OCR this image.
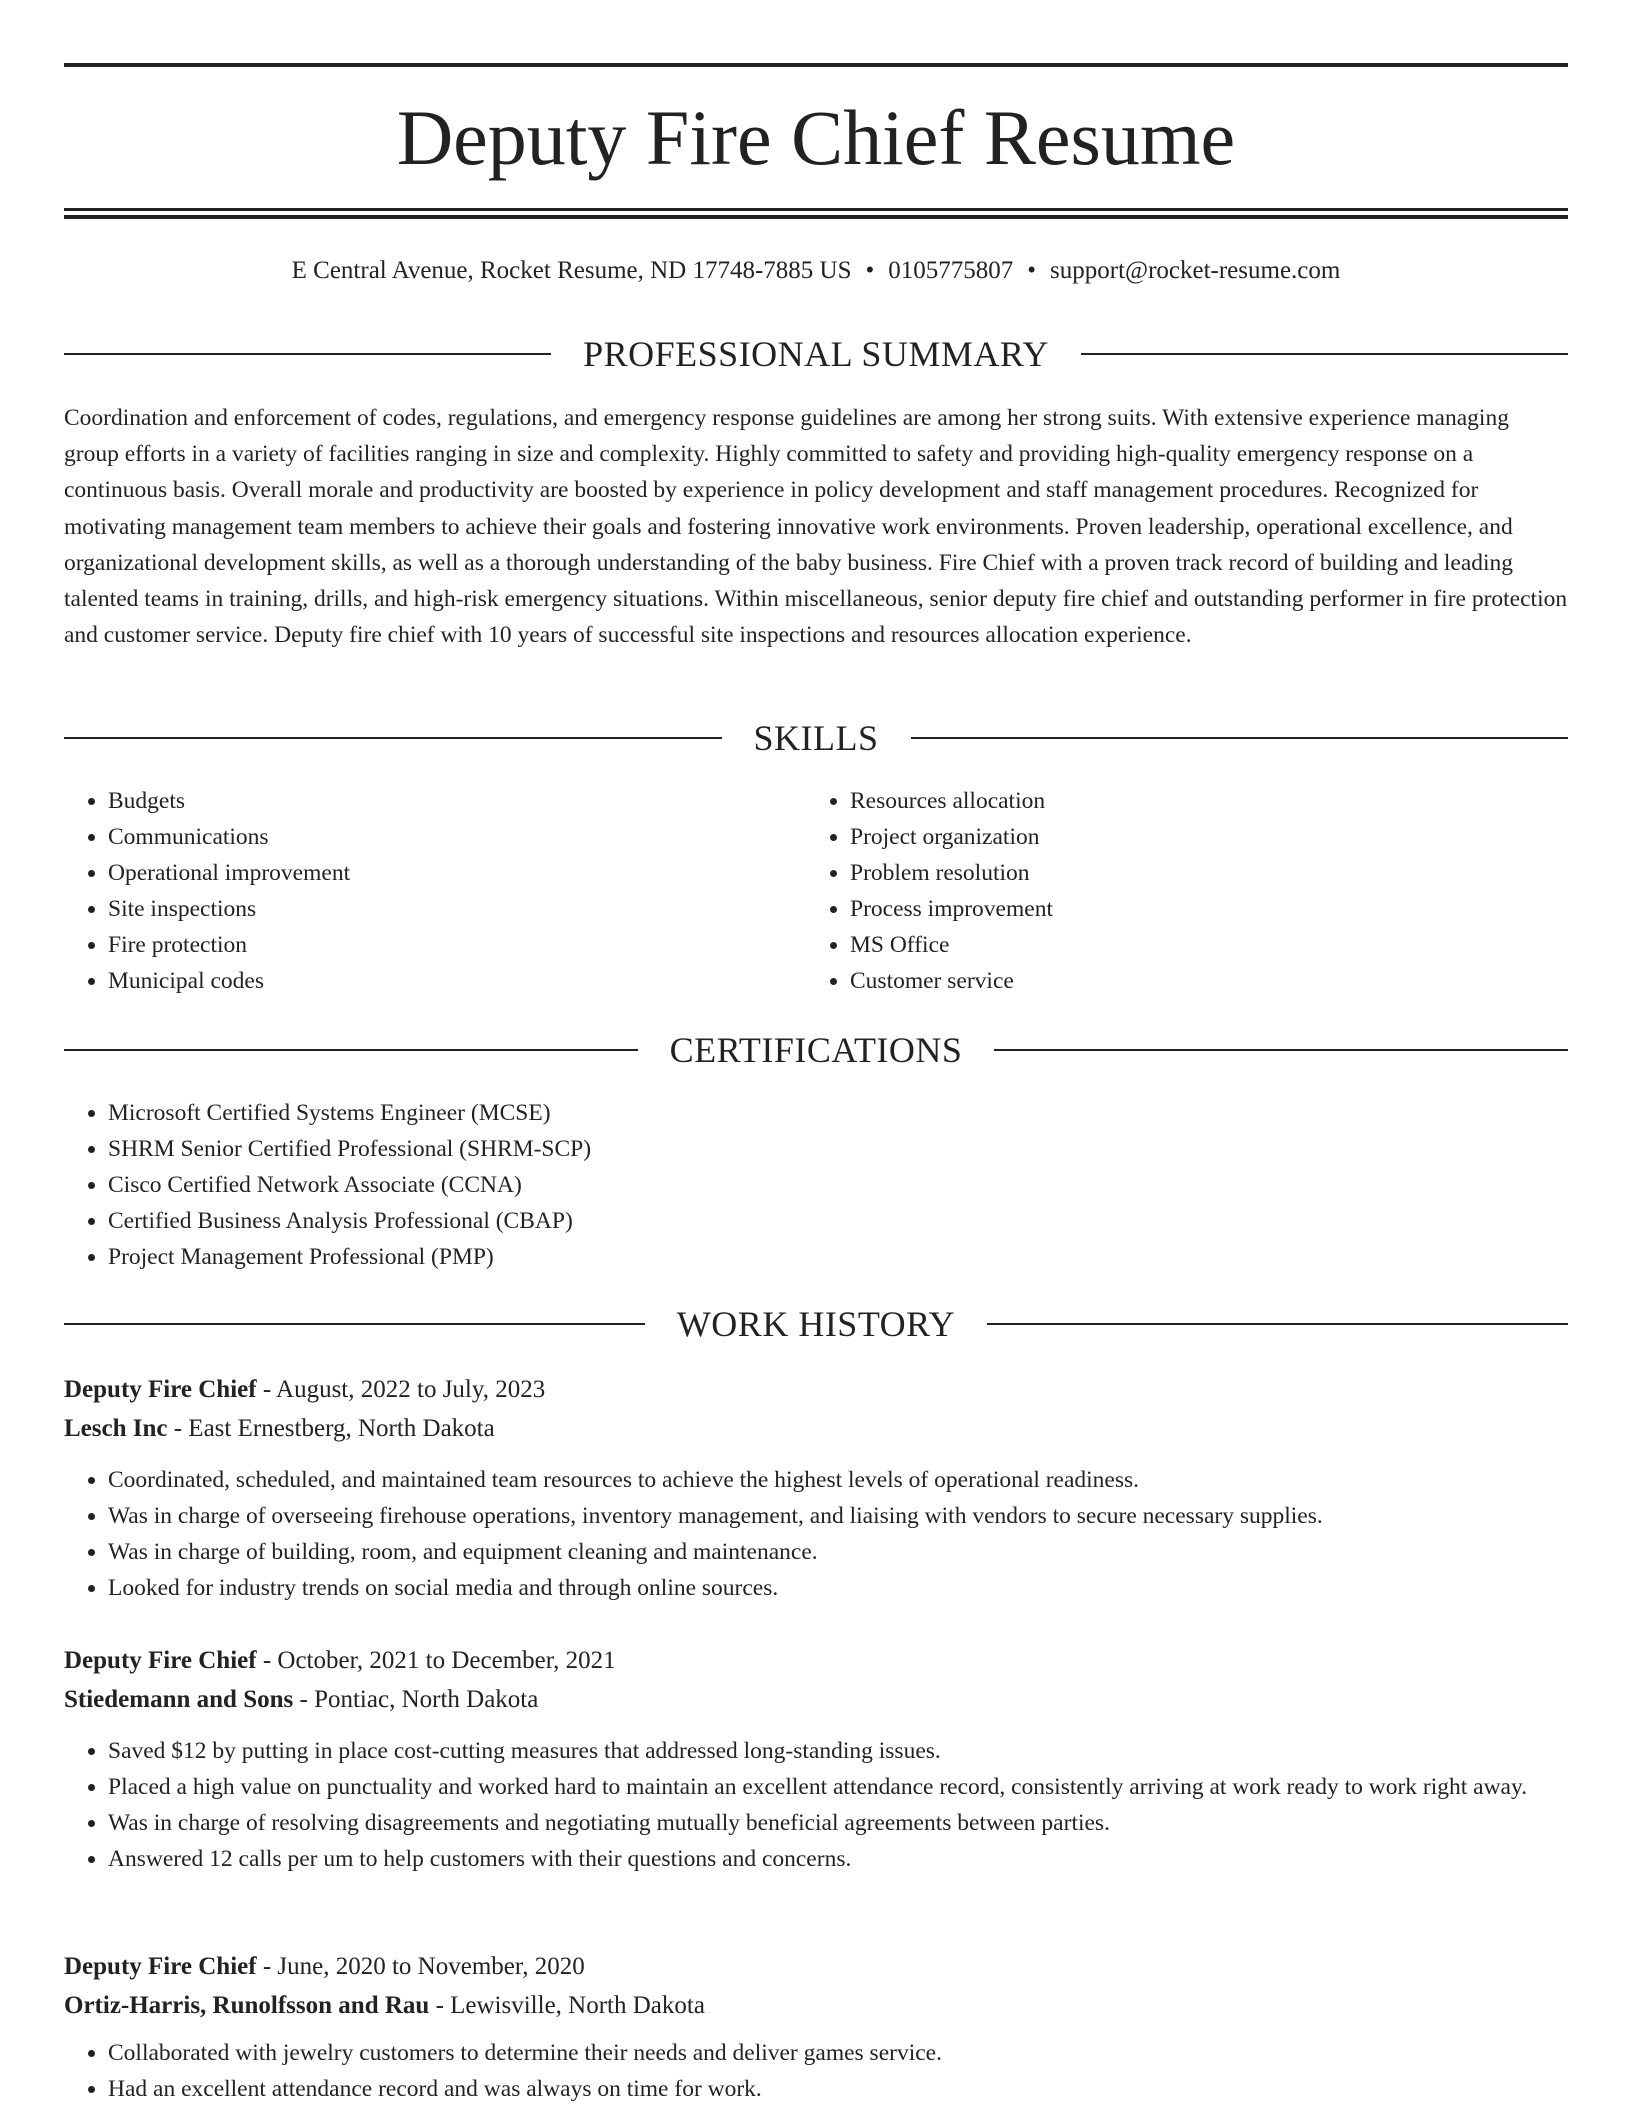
Deputy Fire Chief Resume
E Central Avenue, Rocket Resume, ND 17748-7885 US • 0105775807 • support@rocket-resume.com
PROFESSIONAL SUMMARY

Coordination and enforcement of codes, regulations, and emergency response guidelines are among her strong suits. With extensive experience managing group efforts in a variety of facilities ranging in size and complexity. Highly committed to safety and providing high-quality emergency response on a continuous basis. Overall morale and productivity are boosted by experience in policy development and staff management procedures. Recognized for motivating management team members to achieve their goals and fostering innovative work environments. Proven leadership, operational excellence, and organizational development skills, as well as a thorough understanding of the baby business. Fire Chief with a proven track record of building and leading talented teams in training, drills, and high-risk emergency situations. Within miscellaneous, senior deputy fire chief and outstanding performer in fire protection and customer service. Deputy fire chief with 10 years of successful site inspections and resources allocation experience.

SKILLS
• Budgets
• Communications
• Operational improvement
• Site inspections
• Fire protection
• Municipal codes
• Resources allocation
• Project organization
• Problem resolution
• Process improvement
• MS Office
• Customer service
CERTIFICATIONS
• Microsoft Certified Systems Engineer (MCSE)
• SHRM Senior Certified Professional (SHRM-SCP)
• Cisco Certified Network Associate (CCNA)
• Certified Business Analysis Professional (CBAP)
• Project Management Professional (PMP)
WORK HISTORY
Deputy Fire Chief - August, 2022 to July, 2023
Lesch Inc - East Ernestberg, North Dakota
• Coordinated, scheduled, and maintained team resources to achieve the highest levels of operational readiness.
• Was in charge of overseeing firehouse operations, inventory management, and liaising with vendors to secure necessary supplies.
• Was in charge of building, room, and equipment cleaning and maintenance.
• Looked for industry trends on social media and through online sources.
Deputy Fire Chief - October, 2021 to December, 2021
Stiedemann and Sons - Pontiac, North Dakota
• Saved $12 by putting in place cost-cutting measures that addressed long-standing issues.
• Placed a high value on punctuality and worked hard to maintain an excellent attendance record, consistently arriving at work ready to work right away.
• Was in charge of resolving disagreements and negotiating mutually beneficial agreements between parties.
• Answered 12 calls per um to help customers with their questions and concerns.
Deputy Fire Chief - June, 2020 to November, 2020
Ortiz-Harris, Runolfsson and Rau - Lewisville, North Dakota
• Collaborated with jewelry customers to determine their needs and deliver games service.
• Had an excellent attendance record and was always on time for work.
